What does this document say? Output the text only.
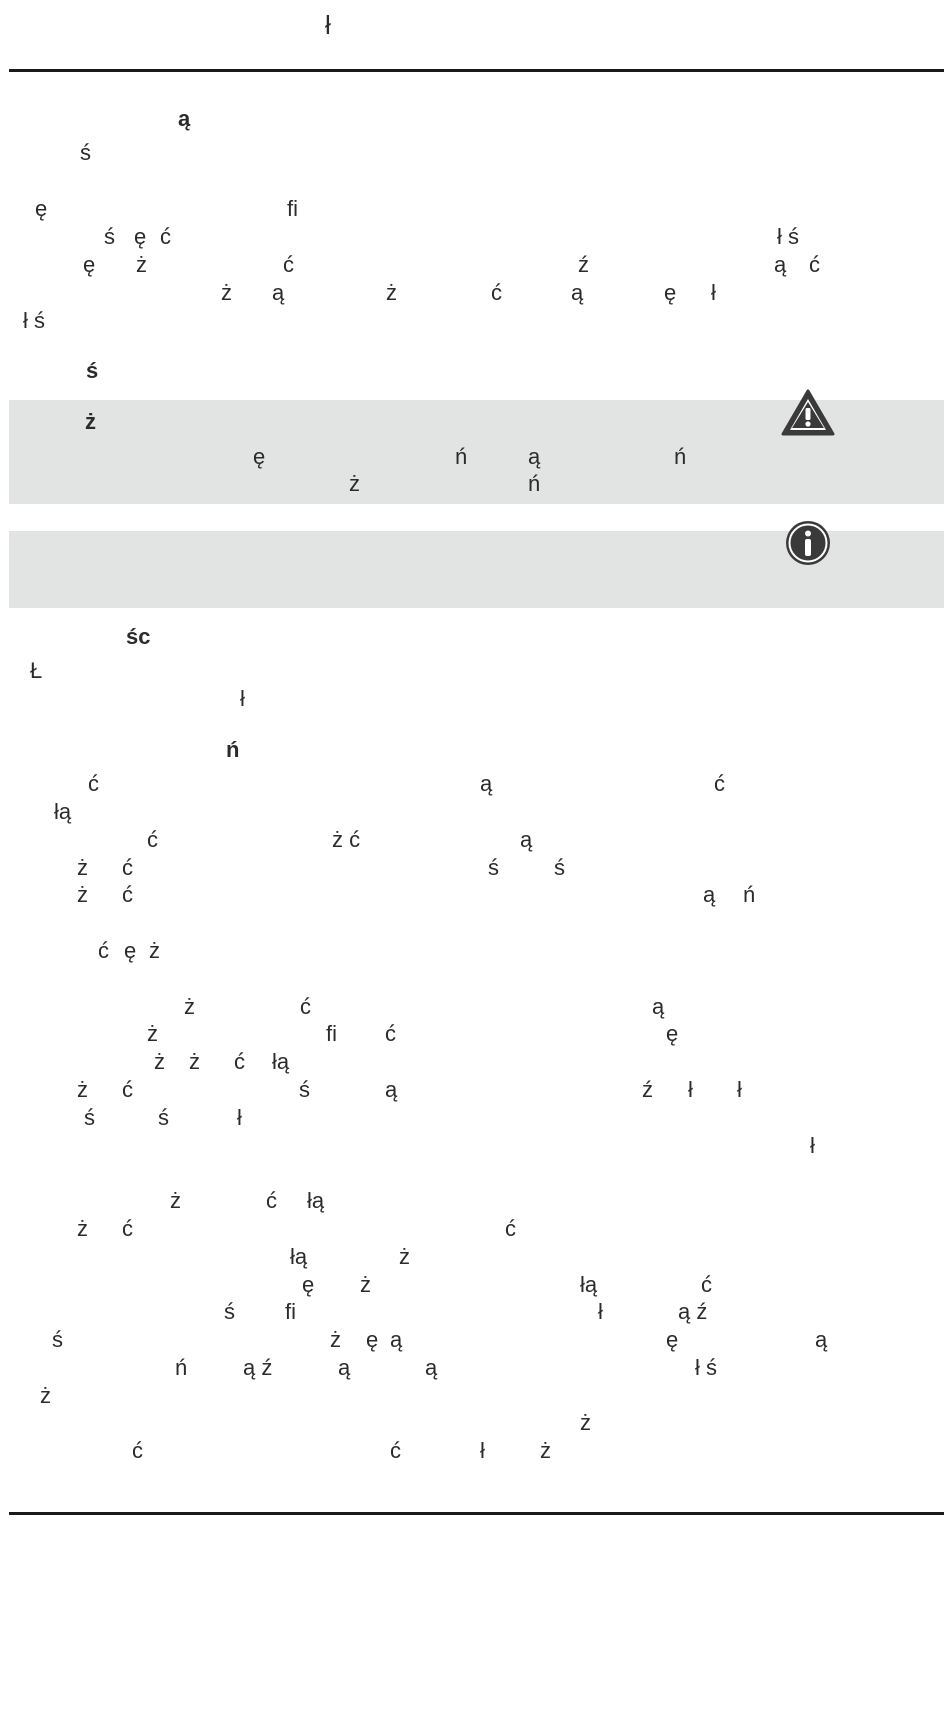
ł
ą
ś
ę	ﬁ
ś ę ć	ł ś
ę ż	ć	ź	ą ć
ż ą	ż	ć	ą	ę ł
ł ś
ś
ż
ę	ń	ą	ń
ż	ń
śc
Ł
ł
ń
ć	ą	ć
łą
ć	ż ć	ą
ż ć	ś	ś
ż ć	ą ń
ć ę ż
ż	ć	ą
ż	ﬁ ć	ę
ż ż ć łą
ż ć	ś	ą	ź ł ł
ś	ś	ł
ł
ż	ć łą
ż ć	ć
łą	ż
ę ż	łą	ć
ś ﬁ	ł	ą ź
ś	ż ę ą	ę	ą
ń	ą ź	ą	ą	ł ś
ż
ż
ć	ć	ł	ż
